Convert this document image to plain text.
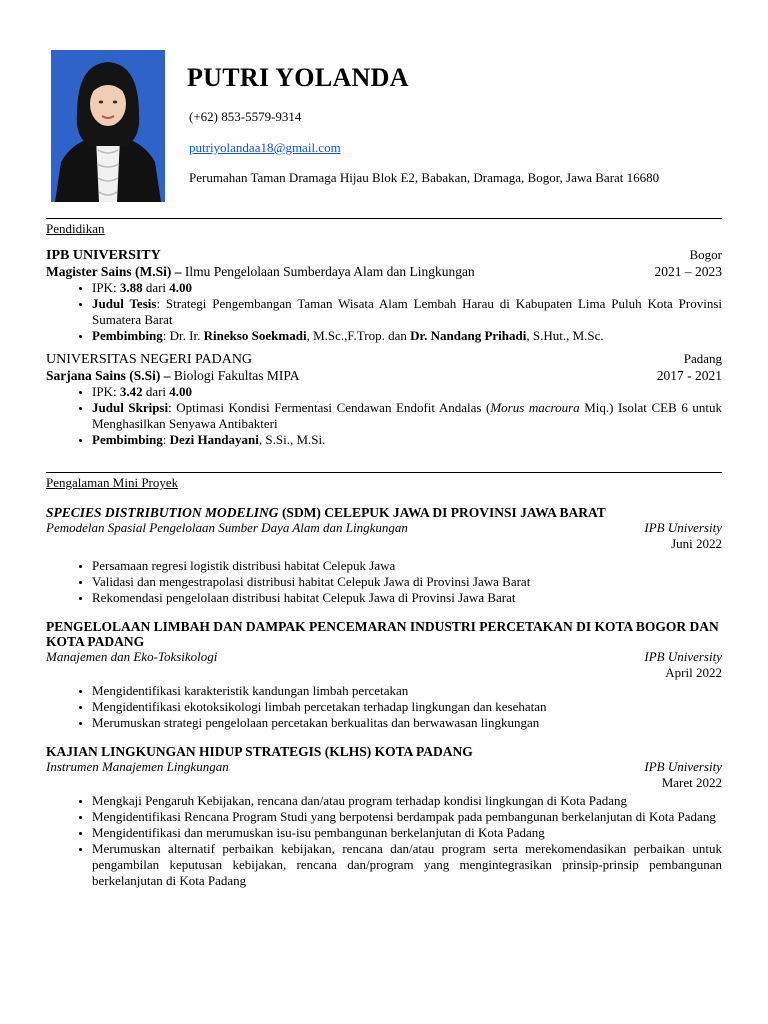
PUTRI YOLANDA
(+62) 853-5579-9314
putriyolandaa18@gmail.com
Perumahan Taman Dramaga Hijau Blok E2, Babakan, Dramaga, Bogor, Jawa Barat 16680
Pendidikan
IPB UNIVERSITY	Bogor
Magister Sains (M.Si) – Ilmu Pengelolaan Sumberdaya Alam dan Lingkungan	2021 – 2023
• IPK: 3.88 dari 4.00
• Judul Tesis: Strategi Pengembangan Taman Wisata Alam Lembah Harau di Kabupaten Lima Puluh Kota Provinsi Sumatera Barat
• Pembimbing: Dr. Ir. Rinekso Soekmadi, M.Sc.,F.Trop. dan Dr. Nandang Prihadi, S.Hut., M.Sc.
UNIVERSITAS NEGERI PADANG	Padang
Sarjana Sains (S.Si) – Biologi Fakultas MIPA	2017 - 2021
• IPK: 3.42 dari 4.00
• Judul Skripsi: Optimasi Kondisi Fermentasi Cendawan Endofit Andalas (Morus macroura Miq.) Isolat CEB 6 untuk Menghasilkan Senyawa Antibakteri
• Pembimbing: Dezi Handayani, S.Si., M.Si.
Pengalaman Mini Proyek
SPECIES DISTRIBUTION MODELING (SDM) CELEPUK JAWA DI PROVINSI JAWA BARAT
Pemodelan Spasial Pengelolaan Sumber Daya Alam dan Lingkungan	IPB University
Juni 2022
• Persamaan regresi logistik distribusi habitat Celepuk Jawa
• Validasi dan mengestrapolasi distribusi habitat Celepuk Jawa di Provinsi Jawa Barat
• Rekomendasi pengelolaan distribusi habitat Celepuk Jawa di Provinsi Jawa Barat
PENGELOLAAN LIMBAH DAN DAMPAK PENCEMARAN INDUSTRI PERCETAKAN DI KOTA BOGOR DAN KOTA PADANG
Manajemen dan Eko-Toksikologi	IPB University
April 2022
• Mengidentifikasi karakteristik kandungan limbah percetakan
• Mengidentifikasi ekotoksikologi limbah percetakan terhadap lingkungan dan kesehatan
• Merumuskan strategi pengelolaan percetakan berkualitas dan berwawasan lingkungan
KAJIAN LINGKUNGAN HIDUP STRATEGIS (KLHS) KOTA PADANG
Instrumen Manajemen Lingkungan	IPB University
Maret 2022
• Mengkaji Pengaruh Kebijakan, rencana dan/atau program terhadap kondisi lingkungan di Kota Padang
• Mengidentifikasi Rencana Program Studi yang berpotensi berdampak pada pembangunan berkelanjutan di Kota Padang
• Mengidentifikasi dan merumuskan isu-isu pembangunan berkelanjutan di Kota Padang
• Merumuskan alternatif perbaikan kebijakan, rencana dan/atau program serta merekomendasikan perbaikan untuk pengambilan keputusan kebijakan, rencana dan/program yang mengintegrasikan prinsip-prinsip pembangunan berkelanjutan di Kota Padang
